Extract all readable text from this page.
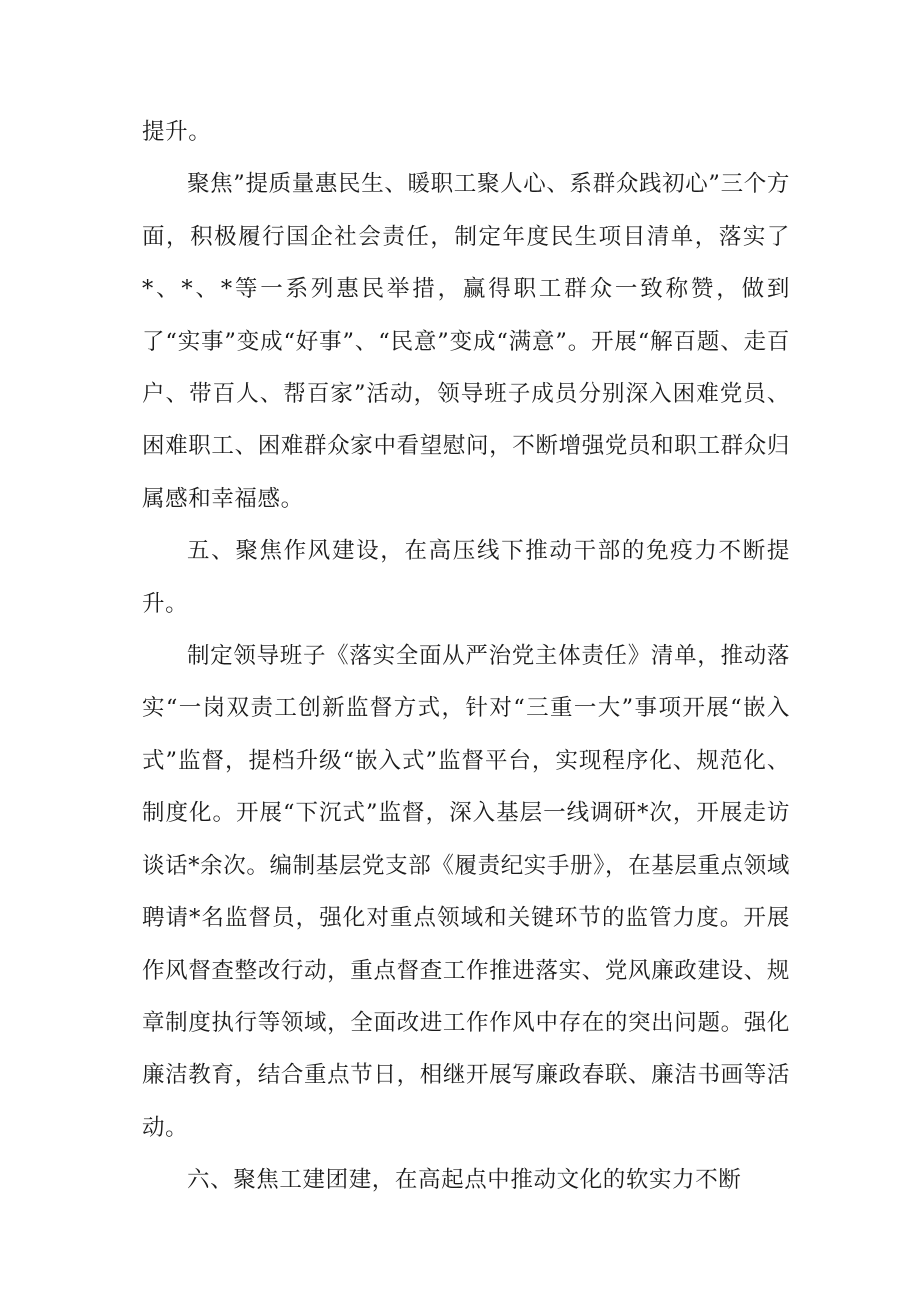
提升。

聚焦”提质量惠民生、暖职工聚人心、系群众践初心”三个方面，积极履行国企社会责任，制定年度民生项目清单，落实了*、*、*等一系列惠民举措，赢得职工群众一致称赞，做到了“实事”变成“好事”、“民意”变成“满意”。开展“解百题、走百户、带百人、帮百家”活动，领导班子成员分别深入困难党员、困难职工、困难群众家中看望慰问，不断增强党员和职工群众归属感和幸福感。

五、聚焦作风建设，在高压线下推动干部的免疫力不断提升。

制定领导班子《落实全面从严治党主体责任》清单，推动落实“一岗双责工创新监督方式，针对“三重一大”事项开展“嵌入式”监督，提档升级“嵌入式”监督平台，实现程序化、规范化、制度化。开展“下沉式”监督，深入基层一线调研*次，开展走访谈话*余次。编制基层党支部《履责纪实手册》，在基层重点领域聘请*名监督员，强化对重点领域和关键环节的监管力度。开展作风督查整改行动，重点督查工作推进落实、党风廉政建设、规章制度执行等领域，全面改进工作作风中存在的突出问题。强化廉洁教育，结合重点节日，相继开展写廉政春联、廉洁书画等活动。

六、聚焦工建团建，在高起点中推动文化的软实力不断
